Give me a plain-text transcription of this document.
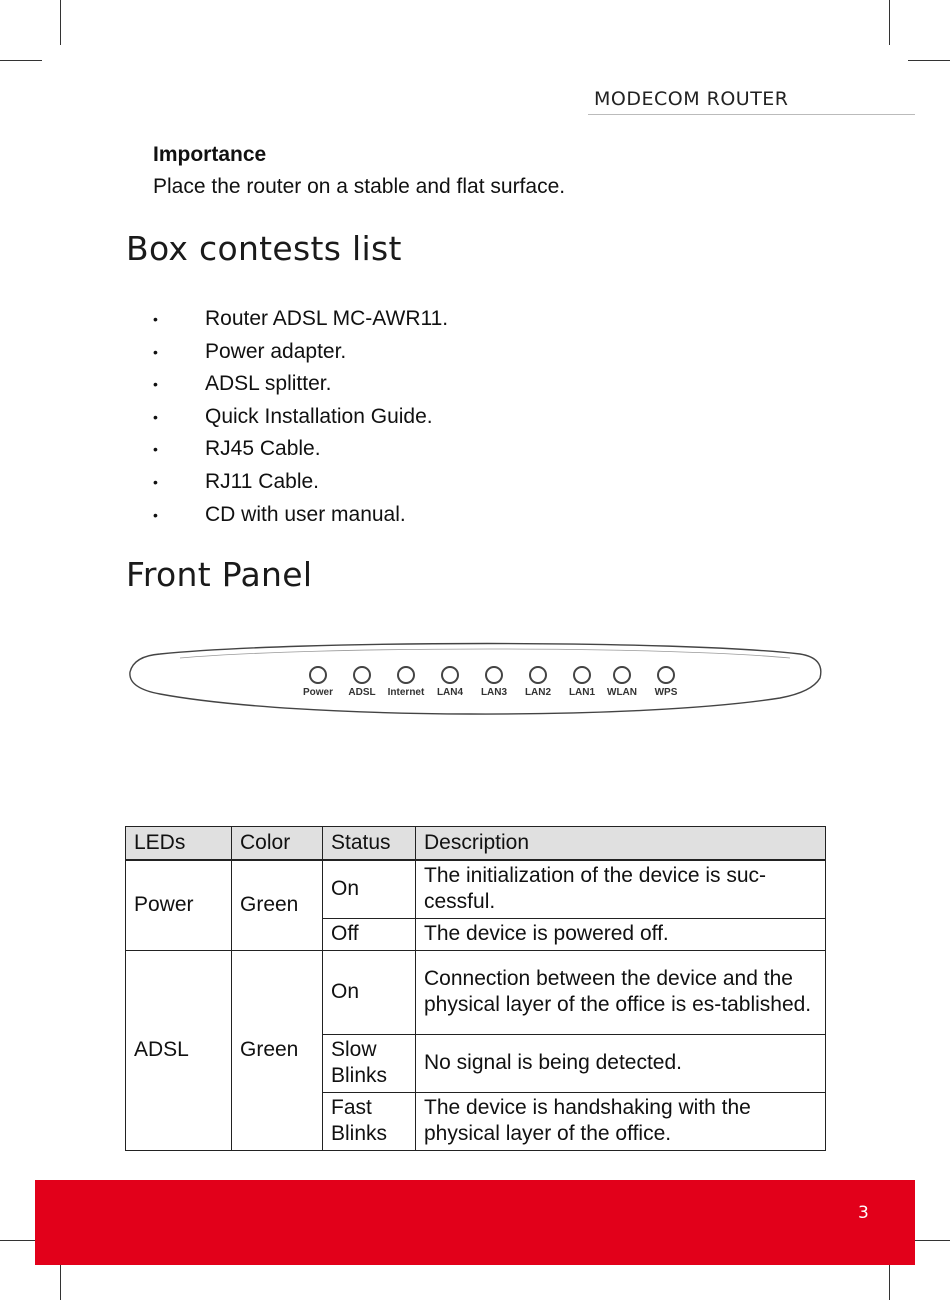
MODECOM ROUTER
Importance
Place the router on a stable and flat surface.
Box contests list
• Router ADSL MC-AWR11.
• Power adapter.
• ADSL splitter.
• Quick Installation Guide.
• RJ45 Cable.
• RJ11 Cable.
• CD with user manual.
Front Panel
Power	ADSL	Internet	LAN4	LAN3	LAN2	LAN1	WLAN	WPS
LEDs	Color	Status	Description
Power	Green	On	The initialization of the device is suc-cessful.
		Off	The device is powered off.
ADSL	Green	On	Connection between the device and the physical layer of the office is es-tablished.
		Slow Blinks	No signal is being detected.
		Fast Blinks	The device is handshaking with the physical layer of the office.
3
